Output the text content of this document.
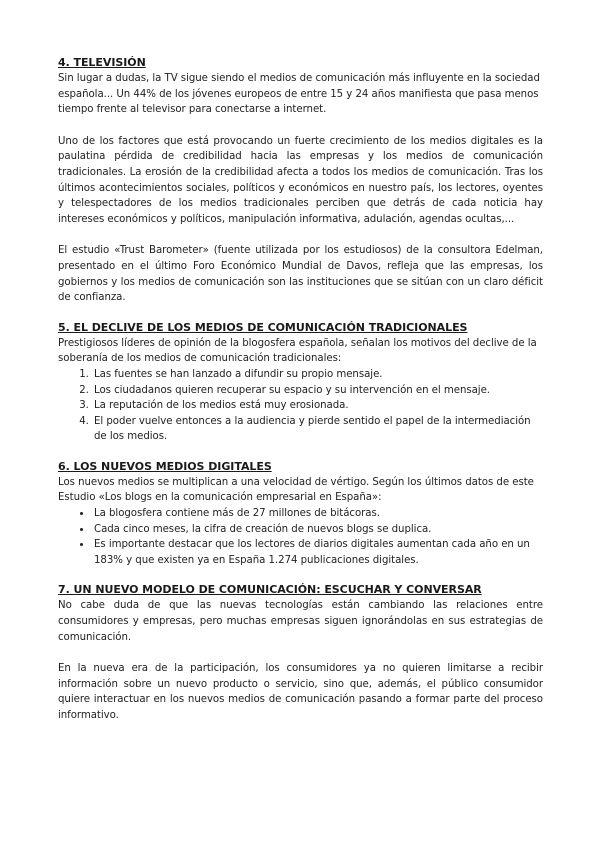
4. TELEVISIÓN

Sin lugar a dudas, la TV sigue siendo el medios de comunicación más influyente en la sociedad española... Un 44% de los jóvenes europeos de entre 15 y 24 años manifiesta que pasa menos tiempo frente al televisor para conectarse a internet.

Uno de los factores que está provocando un fuerte crecimiento de los medios digitales es la paulatina pérdida de credibilidad hacia las empresas y los medios de comunicación tradicionales. La erosión de la credibilidad afecta a todos los medios de comunicación. Tras los últimos acontecimientos sociales, políticos y económicos en nuestro país, los lectores, oyentes y telespectadores de los medios tradicionales perciben que detrás de cada noticia hay intereses económicos y políticos, manipulación informativa, adulación, agendas ocultas,...

El estudio «Trust Barometer» (fuente utilizada por los estudiosos) de la consultora Edelman, presentado en el último Foro Económico Mundial de Davos, refleja que las empresas, los gobiernos y los medios de comunicación son las instituciones que se sitúan con un claro déficit de confianza.

5. EL DECLIVE DE LOS MEDIOS DE COMUNICACIÓN TRADICIONALES

Prestigiosos líderes de opinión de la blogosfera española, señalan los motivos del declive de la soberanía de los medios de comunicación tradicionales:

1. Las fuentes se han lanzado a difundir su propio mensaje.
2. Los ciudadanos quieren recuperar su espacio y su intervención en el mensaje.
3. La reputación de los medios está muy erosionada.
4. El poder vuelve entonces a la audiencia y pierde sentido el papel de la intermediación de los medios.

6. LOS NUEVOS MEDIOS DIGITALES

Los nuevos medios se multiplican a una velocidad de vértigo. Según los últimos datos de este Estudio «Los blogs en la comunicación empresarial en España»:

• La blogosfera contiene más de 27 millones de bitácoras.
• Cada cinco meses, la cifra de creación de nuevos blogs se duplica.
• Es importante destacar que los lectores de diarios digitales aumentan cada año en un 183% y que existen ya en España 1.274 publicaciones digitales.

7. UN NUEVO MODELO DE COMUNICACIÓN: ESCUCHAR Y CONVERSAR

No cabe duda de que las nuevas tecnologías están cambiando las relaciones entre consumidores y empresas, pero muchas empresas siguen ignorándolas en sus estrategias de comunicación.

En la nueva era de la participación, los consumidores ya no quieren limitarse a recibir información sobre un nuevo producto o servicio, sino que, además, el público consumidor quiere interactuar en los nuevos medios de comunicación pasando a formar parte del proceso informativo.
